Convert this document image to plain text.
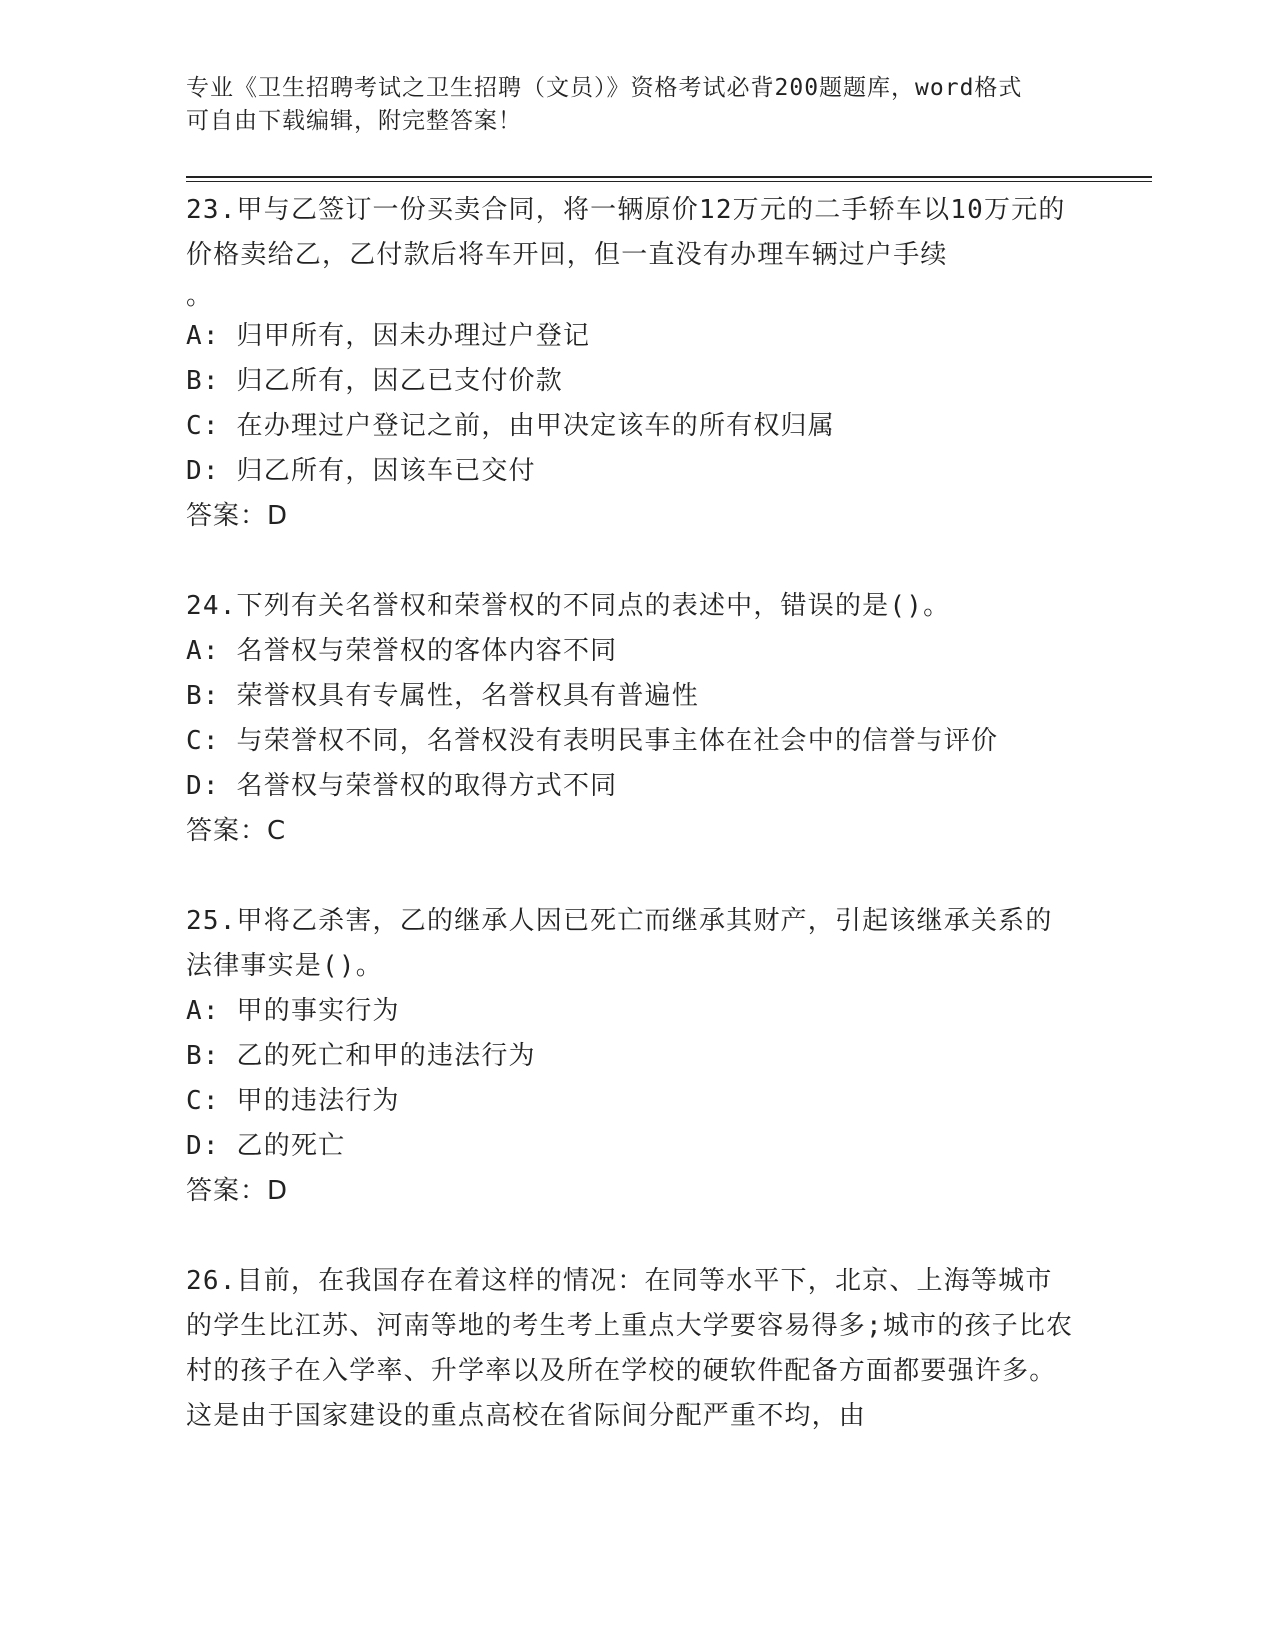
专业《卫生招聘考试之卫生招聘（文员）》资格考试必背200题题库，word格式
可自由下载编辑，附完整答案！

23.甲与乙签订一份买卖合同，将一辆原价12万元的二手轿车以10万元的价格卖给乙，乙付款后将车开回，但一直没有办理车辆过户手续

。

A: 归甲所有，因未办理过户登记

B: 归乙所有，因乙已支付价款

C: 在办理过户登记之前，由甲决定该车的所有权归属

D: 归乙所有，因该车已交付

答案：D

24.下列有关名誉权和荣誉权的不同点的表述中，错误的是()。

A: 名誉权与荣誉权的客体内容不同

B: 荣誉权具有专属性，名誉权具有普遍性

C: 与荣誉权不同，名誉权没有表明民事主体在社会中的信誉与评价

D: 名誉权与荣誉权的取得方式不同

答案：C

25.甲将乙杀害，乙的继承人因已死亡而继承其财产，引起该继承关系的法律事实是()。

A: 甲的事实行为

B: 乙的死亡和甲的违法行为

C: 甲的违法行为

D: 乙的死亡

答案：D

26.目前，在我国存在着这样的情况：在同等水平下，北京、上海等城市的学生比江苏、河南等地的考生考上重点大学要容易得多;城市的孩子比农村的孩子在入学率、升学率以及所在学校的硬软件配备方面都要强许多。这是由于国家建设的重点高校在省际间分配严重不均，由
